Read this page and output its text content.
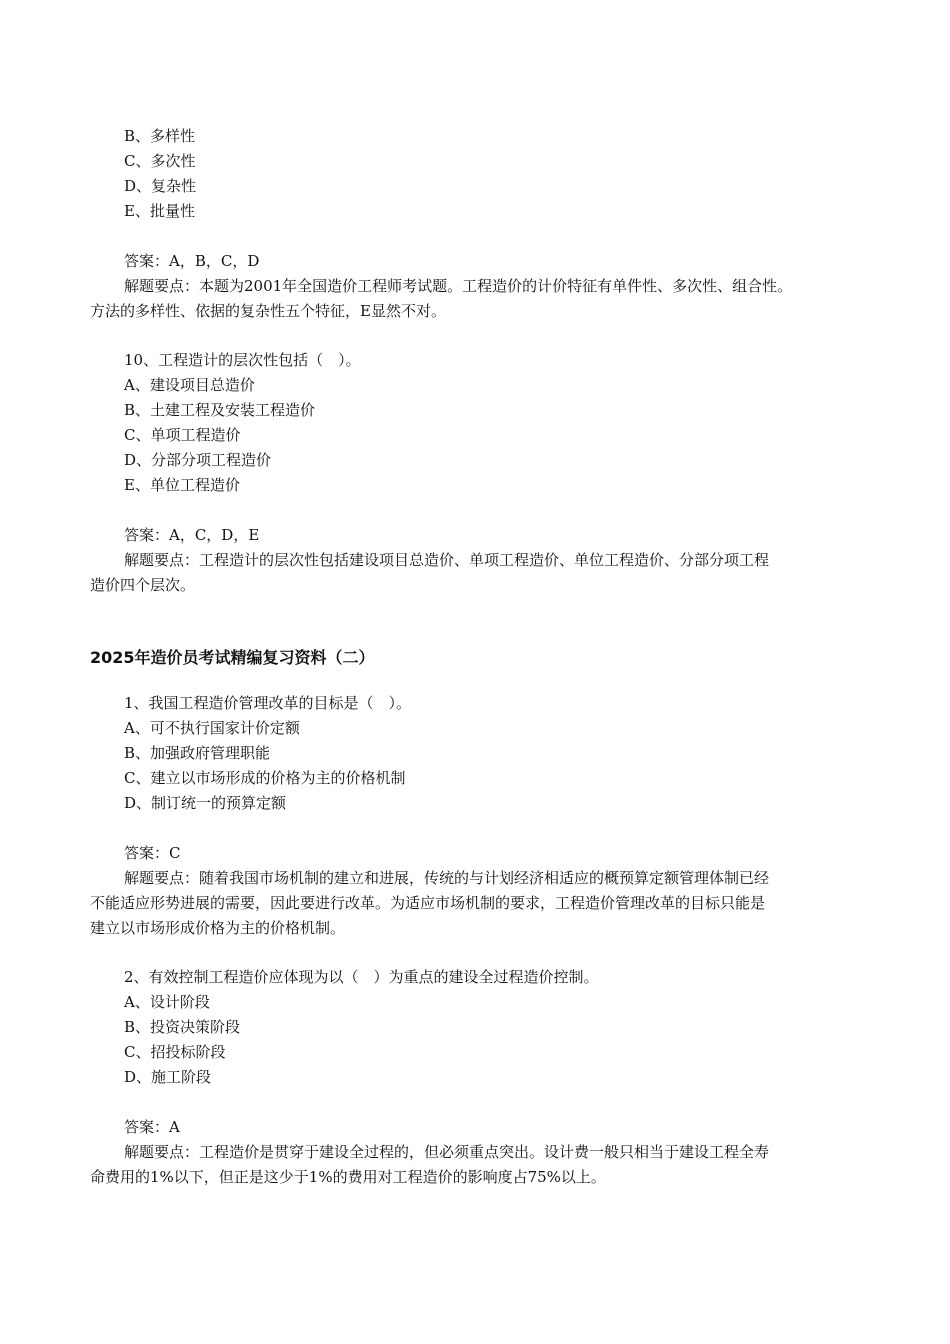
B、多样性
C、多次性
D、复杂性
E、批量性
答案：A，B，C，D
解题要点：本题为2001年全国造价工程师考试题。工程造价的计价特征有单件性、多次性、组合性。
方法的多样性、依据的复杂性五个特征，E显然不对。
10、工程造计的层次性包括（　）。
A、建设项目总造价
B、土建工程及安装工程造价
C、单项工程造价
D、分部分项工程造价
E、单位工程造价
答案：A，C，D，E
解题要点：工程造计的层次性包括建设项目总造价、单项工程造价、单位工程造价、分部分项工程
造价四个层次。
2025年造价员考试精编复习资料（二）
1、我国工程造价管理改革的目标是（　）。
A、可不执行国家计价定额
B、加强政府管理职能
C、建立以市场形成的价格为主的价格机制
D、制订统一的预算定额
答案：C
解题要点：随着我国市场机制的建立和进展，传统的与计划经济相适应的概预算定额管理体制已经
不能适应形势进展的需要，因此要进行改革。为适应市场机制的要求，工程造价管理改革的目标只能是
建立以市场形成价格为主的价格机制。
2、有效控制工程造价应体现为以（　）为重点的建设全过程造价控制。
A、设计阶段
B、投资决策阶段
C、招投标阶段
D、施工阶段
答案：A
解题要点：工程造价是贯穿于建设全过程的，但必须重点突出。设计费一般只相当于建设工程全寿
命费用的1%以下，但正是这少于1%的费用对工程造价的影响度占75%以上。
